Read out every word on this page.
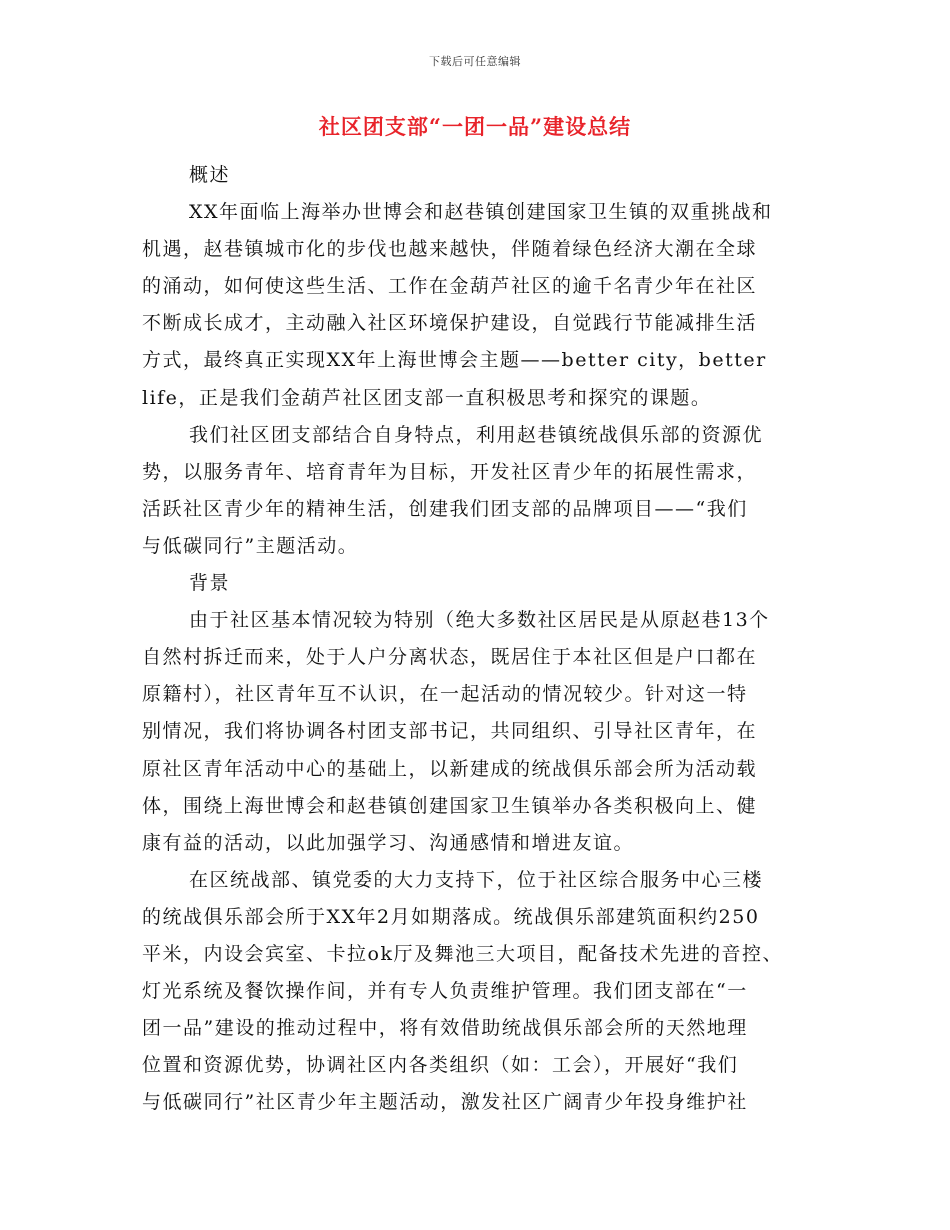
下载后可任意编辑
社区团支部“一团一品”建设总结
概述
XX年面临上海举办世博会和赵巷镇创建国家卫生镇的双重挑战和
机遇，赵巷镇城市化的步伐也越来越快，伴随着绿色经济大潮在全球
的涌动，如何使这些生活、工作在金葫芦社区的逾千名青少年在社区
不断成长成才，主动融入社区环境保护建设，自觉践行节能减排生活
方式，最终真正实现XX年上海世博会主题——better city，better
life，正是我们金葫芦社区团支部一直积极思考和探究的课题。
我们社区团支部结合自身特点，利用赵巷镇统战俱乐部的资源优
势，以服务青年、培育青年为目标，开发社区青少年的拓展性需求，
活跃社区青少年的精神生活，创建我们团支部的品牌项目——“我们
与低碳同行”主题活动。
背景
由于社区基本情况较为特别（绝大多数社区居民是从原赵巷13个
自然村拆迁而来，处于人户分离状态，既居住于本社区但是户口都在
原籍村），社区青年互不认识，在一起活动的情况较少。针对这一特
别情况，我们将协调各村团支部书记，共同组织、引导社区青年，在
原社区青年活动中心的基础上，以新建成的统战俱乐部会所为活动载
体，围绕上海世博会和赵巷镇创建国家卫生镇举办各类积极向上、健
康有益的活动，以此加强学习、沟通感情和增进友谊。
在区统战部、镇党委的大力支持下，位于社区综合服务中心三楼
的统战俱乐部会所于XX年2月如期落成。统战俱乐部建筑面积约250
平米，内设会宾室、卡拉ok厅及舞池三大项目，配备技术先进的音控、
灯光系统及餐饮操作间，并有专人负责维护管理。我们团支部在“一
团一品”建设的推动过程中，将有效借助统战俱乐部会所的天然地理
位置和资源优势，协调社区内各类组织（如：工会），开展好“我们
与低碳同行”社区青少年主题活动，激发社区广阔青少年投身维护社
